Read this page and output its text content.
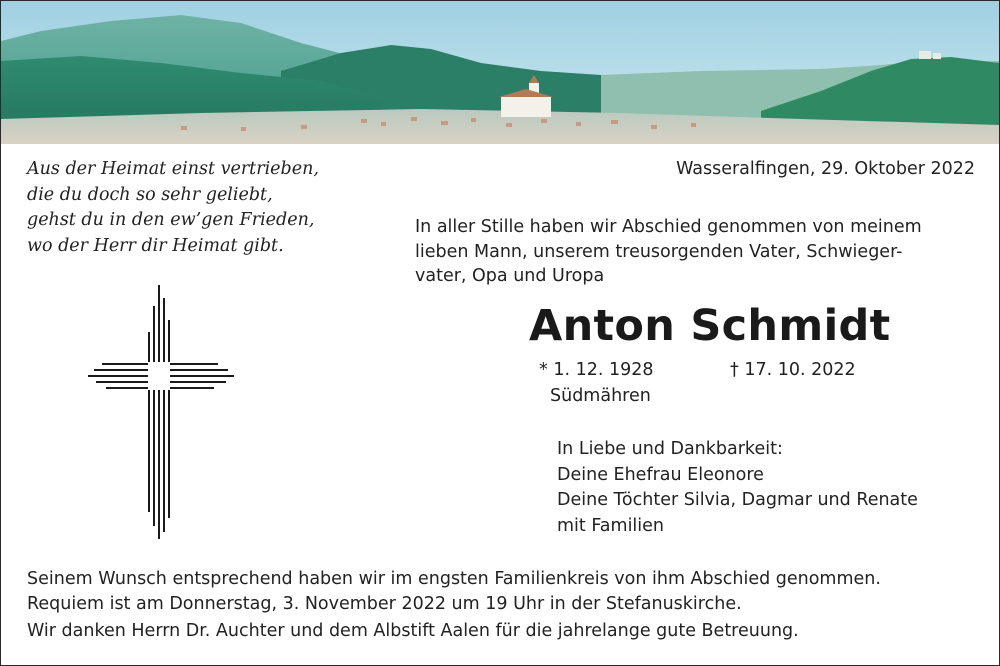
Aus der Heimat einst vertrieben,
die du doch so sehr geliebt,
gehst du in den ew’gen Frieden,
wo der Herr dir Heimat gibt.
Wasseralfingen, 29. Oktober 2022
In aller Stille haben wir Abschied genommen von meinem
lieben Mann, unserem treusorgenden Vater, Schwieger-
vater, Opa und Uropa
Anton Schmidt
* 1. 12. 1928
Südmähren
† 17. 10. 2022
In Liebe und Dankbarkeit:
Deine Ehefrau Eleonore
Deine Töchter Silvia, Dagmar und Renate
mit Familien
Seinem Wunsch entsprechend haben wir im engsten Familienkreis von ihm Abschied genommen.
Requiem ist am Donnerstag, 3. November 2022 um 19 Uhr in der Stefanuskirche.
Wir danken Herrn Dr. Auchter und dem Albstift Aalen für die jahrelange gute Betreuung.
